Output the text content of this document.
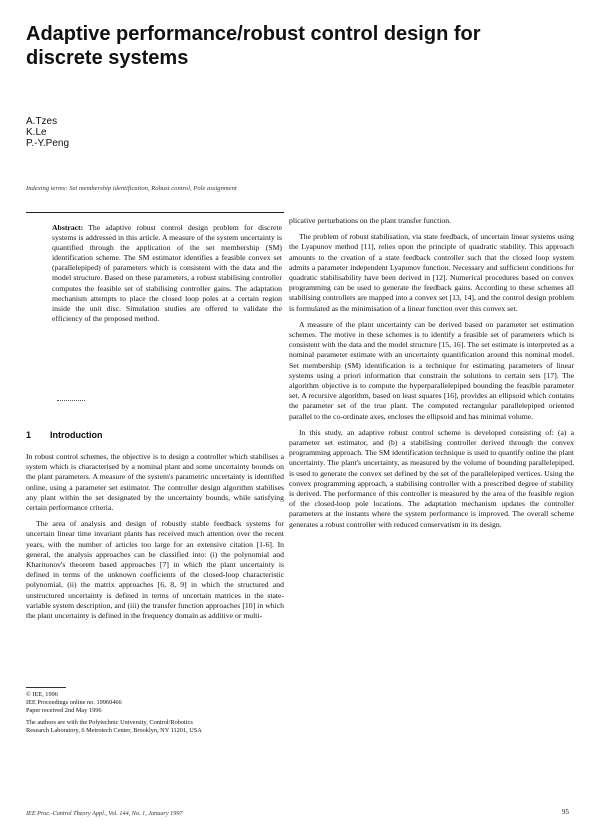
Adaptive performance/robust control design for
discrete systems
A.Tzes
K.Le
P.-Y.Peng
Indexing terms: Set membership identification, Robust control, Pole assignment
Abstract: The adaptive robust control design problem for discrete systems is addressed in this article. A measure of the system uncertainty is quantified through the application of the set membership (SM) identification scheme. The SM estimator identifies a feasible convex set (parallelepiped) of parameters which is consistent with the data and the model structure. Based on these parameters, a robust stabilising controller computes the feasible set of stabilising controller gains. The adaptation mechanism attempts to place the closed loop poles at a certain region inside the unit disc. Simulation studies are offered to validate the efficiency of the proposed method.
1 Introduction

In robust control schemes, the objective is to design a controller which stabilises a system which is characterised by a nominal plant and some uncertainty bounds on the plant parameters. A measure of the system's parametric uncertainty is identified online, using a parameter set estimator. The controller design algorithm stabilises any plant within the set designated by the uncertainty bounds, while satisfying certain performance criteria.

The area of analysis and design of robustly stable feedback systems for uncertain linear time invariant plants has received much attention over the recent years, with the number of articles too large for an extensive citation [1-6]. In general, the analysis approaches can be classified into: (i) the polynomial and Kharitonov's theorem based approaches [7] in which the plant uncertainty is defined in terms of the unknown coefficients of the closed-loop characteristic polynomial, (ii) the matrix approaches [6, 8, 9] in which the structured and unstructured uncertainty is defined in terms of uncertain matrices in the state-variable system description, and (iii) the transfer function approaches [10] in which the plant uncertainty is defined in the frequency domain as additive or multi-

plicative perturbations on the plant transfer function.

The problem of robust stabilisation, via state feedback, of uncertain linear systems using the Lyapunov method [11], relies upon the principle of quadratic stability. This approach amounts to the creation of a state feedback controller such that the closed loop system admits a parameter independent Lyapunov function. Necessary and sufficient conditions for quadratic stabilisability have been derived in [12]. Numerical procedures based on convex programming can be used to generate the feedback gains. According to these schemes all stabilising controllers are mapped into a convex set [13, 14], and the control design problem is formulated as the minimisation of a linear function over this convex set.

A measure of the plant uncertainty can be derived based on parameter set estimation schemes. The motive in these schemes is to identify a feasible set of parameters which is consistent with the data and the model structure [15, 16]. The set estimate is interpreted as a nominal parameter estimate with an uncertainty quantification around this nominal model. Set membership (SM) identification is a technique for estimating parameters of linear systems using a priori information that constrain the solutions to certain sets [17]. The algorithm objective is to compute the hyperparallelepiped bounding the feasible parameter set. A recursive algorithm, based on least squares [16], provides an ellipsoid which contains the parameter set of the true plant. The computed rectangular parallelepiped oriented parallel to the co-ordinate axes, encloses the ellipsoid and has minimal volume.

In this study, an adaptive robust control scheme is developed consisting of: (a) a parameter set estimator, and (b) a stabilising controller derived through the convex programming approach. The SM identification technique is used to quantify online the plant uncertainty. The plant's uncertainty, as measured by the volume of bounding parallelepiped, is used to generate the convex set defined by the set of the parallelepiped vertices. Using the convex programming approach, a stabilising controller with a prescribed degree of stability is derived. The performance of this controller is measured by the area of the feasible region of the closed-loop pole locations. The adaptation mechanism updates the controller parameters at the instants where the system performance is improved. The overall scheme generates a robust controller with reduced conservatism in its design.

© IEE, 1996
IEE Proceedings online no. 19960466
Paper received 2nd May 1996
The authors are with the Polytechnic University, Control/Robotics
Research Laboratory, 6 Metrotech Center, Brooklyn, NY 11201, USA
IEE Proc.-Control Theory Appl., Vol. 144, No. 1, January 1997	95
